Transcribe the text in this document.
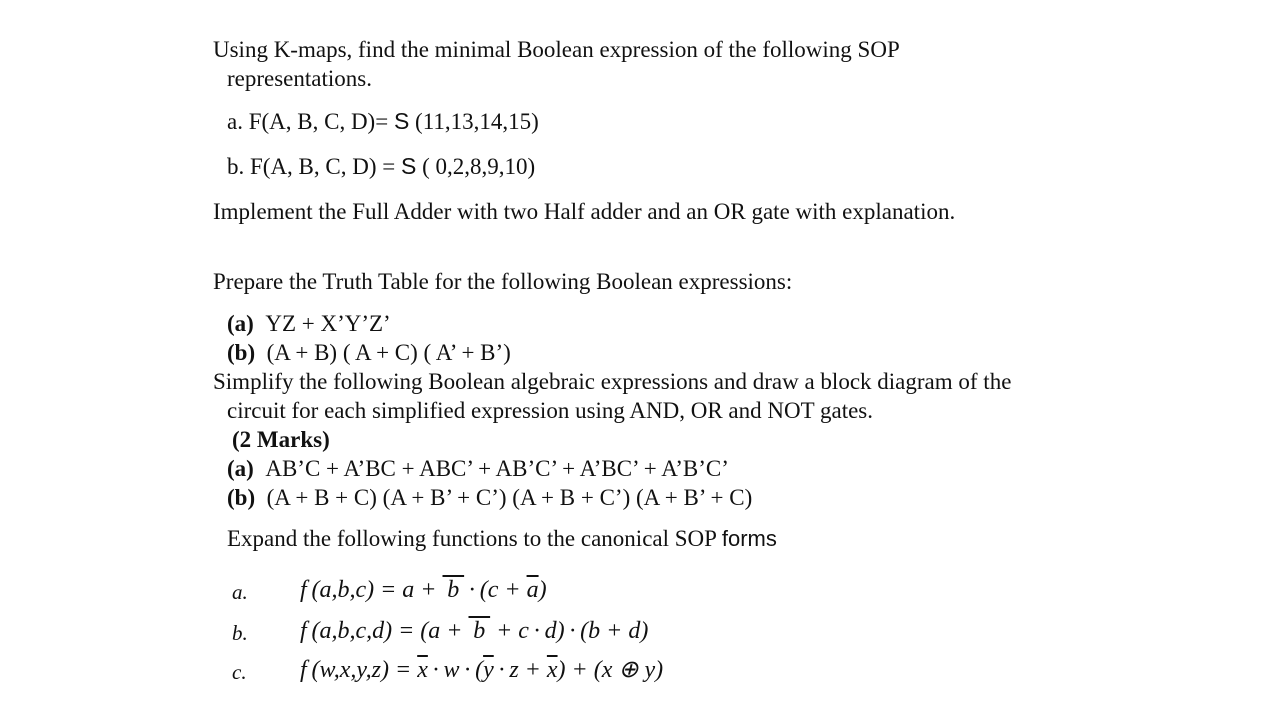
Using K-maps, find the minimal Boolean expression of the following SOP
representations.
a. F(A, B, C, D)= S (11,13,14,15)
b. F(A, B, C, D) = S ( 0,2,8,9,10)
Implement the Full Adder with two Half adder and an OR gate with explanation.
Prepare the Truth Table for the following Boolean expressions:
(a) YZ + X’Y’Z’
(b) (A + B) ( A + C) ( A’ + B’)
Simplify the following Boolean algebraic expressions and draw a block diagram of the
circuit for each simplified expression using AND, OR and NOT gates.
(2 Marks)
(a) AB’C + A’BC + ABC’ + AB’C’ + A’BC’ + A’B’C’
(b) (A + B + C) (A + B’ + C’) (A + B + C’) (A + B’ + C)
Expand the following functions to the canonical SOP forms
a. f $(a,b,c) = a + b \cdot (c + \overline{a})$
b. f (a,b,c,d) = (a +  b  + c · d) · (b + d)
c. f $(w,x,y,z) = \overline{x} \cdot w \cdot (\overline{y} \cdot z + \overline{x}) + (x$ ⊕ y)
